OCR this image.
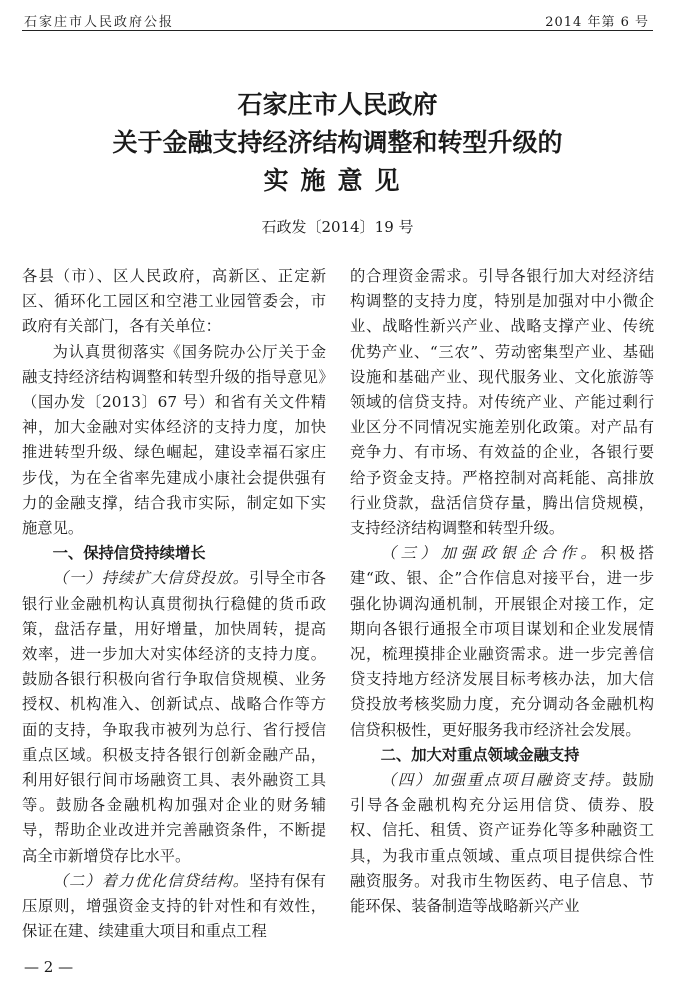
石家庄市人民政府公报	2014 年第 6 号
石家庄市人民政府
关于金融支持经济结构调整和转型升级的
实施意见
石政发〔2014〕19 号

各县（市）、区人民政府，高新区、正定新区、循环化工园区和空港工业园管委会，市政府有关部门，各有关单位：

为认真贯彻落实《国务院办公厅关于金融支持经济结构调整和转型升级的指导意见》（国办发〔2013〕67 号）和省有关文件精神，加大金融对实体经济的支持力度，加快推进转型升级、绿色崛起，建设幸福石家庄步伐，为在全省率先建成小康社会提供强有力的金融支撑，结合我市实际，制定如下实施意见。

一、保持信贷持续增长

（一）持续扩大信贷投放。引导全市各银行业金融机构认真贯彻执行稳健的货币政策，盘活存量，用好增量，加快周转，提高效率，进一步加大对实体经济的支持力度。鼓励各银行积极向省行争取信贷规模、业务授权、机构准入、创新试点、战略合作等方面的支持，争取我市被列为总行、省行授信重点区域。积极支持各银行创新金融产品，利用好银行间市场融资工具、表外融资工具等。鼓励各金融机构加强对企业的财务辅导，帮助企业改进并完善融资条件，不断提高全市新增贷存比水平。

（二）着力优化信贷结构。坚持有保有压原则，增强资金支持的针对性和有效性，保证在建、续建重大项目和重点工程

的合理资金需求。引导各银行加大对经济结构调整的支持力度，特别是加强对中小微企业、战略性新兴产业、战略支撑产业、传统优势产业、“三农”、劳动密集型产业、基础设施和基础产业、现代服务业、文化旅游等领域的信贷支持。对传统产业、产能过剩行业区分不同情况实施差别化政策。对产品有竞争力、有市场、有效益的企业，各银行要给予资金支持。严格控制对高耗能、高排放行业贷款，盘活信贷存量，腾出信贷规模，支持经济结构调整和转型升级。

（三）加强政银企合作。积极搭建“政、银、企”合作信息对接平台，进一步强化协调沟通机制，开展银企对接工作，定期向各银行通报全市项目谋划和企业发展情况，梳理摸排企业融资需求。进一步完善信贷支持地方经济发展目标考核办法，加大信贷投放考核奖励力度，充分调动各金融机构信贷积极性，更好服务我市经济社会发展。

二、加大对重点领域金融支持

（四）加强重点项目融资支持。鼓励引导各金融机构充分运用信贷、债券、股权、信托、租赁、资产证券化等多种融资工具，为我市重点领域、重点项目提供综合性融资服务。对我市生物医药、电子信息、节能环保、装备制造等战略新兴产业

— 2 —
